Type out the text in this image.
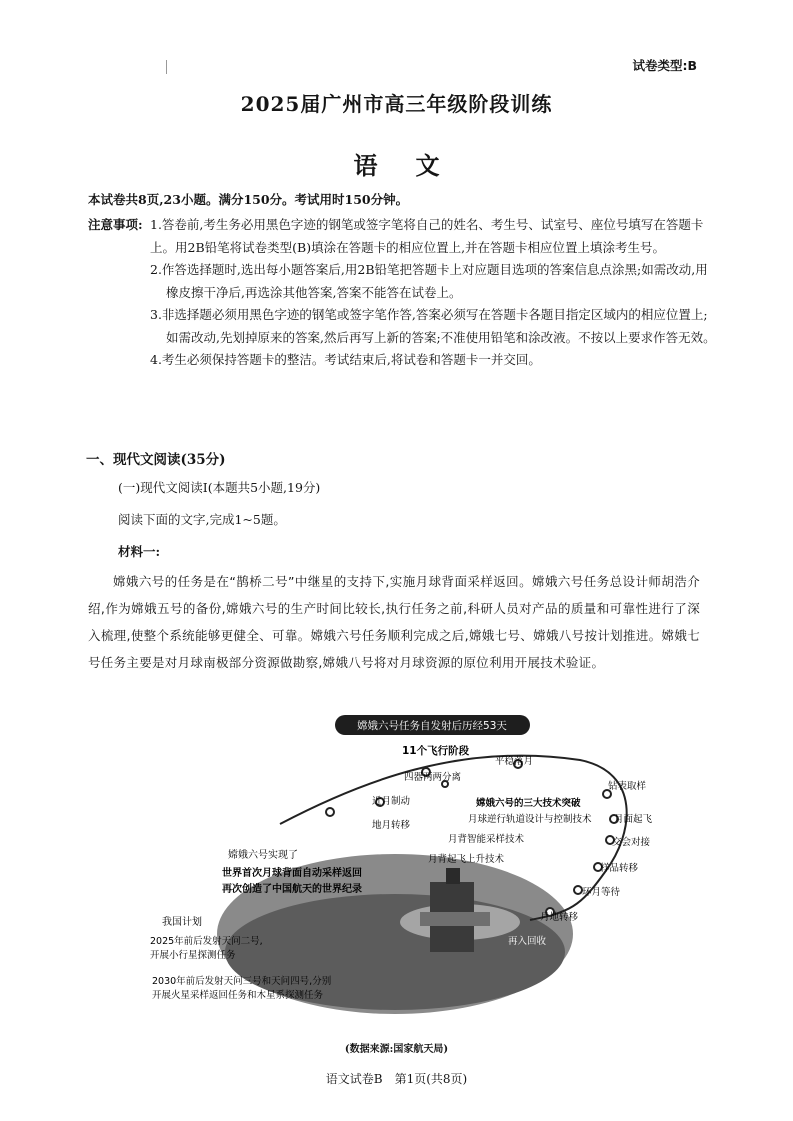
试卷类型:B
2025届广州市高三年级阶段训练
语文
本试卷共8页,23小题。满分150分。考试用时150分钟。
注意事项: 1.答卷前,考生务必用黑色字迹的钢笔或签字笔将自己的姓名、考生号、试室号、座位号填写在答题卡上。用2B铅笔将试卷类型(B)填涂在答题卡的相应位置上,并在答题卡相应位置上填涂考生号。
2.作答选择题时,选出每小题答案后,用2B铅笔把答题卡上对应题目选项的答案信息点涂黑;如需改动,用橡皮擦干净后,再选涂其他答案,答案不能答在试卷上。
3.非选择题必须用黑色字迹的钢笔或签字笔作答,答案必须写在答题卡各题目指定区域内的相应位置上;如需改动,先划掉原来的答案,然后再写上新的答案;不准使用铅笔和涂改液。不按以上要求作答无效。
4.考生必须保持答题卡的整洁。考试结束后,将试卷和答题卡一并交回。
一、现代文阅读(35分)
(一)现代文阅读Ⅰ(本题共5小题,19分)
阅读下面的文字,完成1~5题。
材料一:
嫦娥六号的任务是在“鹊桥二号”中继星的支持下,实施月球背面采样返回。嫦娥六号任务总设计师胡浩介绍,作为嫦娥五号的备份,嫦娥六号的生产时间比较长,执行任务之前,科研人员对产品的质量和可靠性进行了深入梳理,使整个系统能够更健全、可靠。嫦娥六号任务顺利完成之后,嫦娥七号、嫦娥八号按计划推进。嫦娥七号任务主要是对月球南极部分资源做勘察,嫦娥八号将对月球资源的原位利用开展技术验证。
嫦娥六号任务自发射后历经53天
11个飞行阶段
四器两两分离
近月制动
地月转移
平稳落月
钻表取样
月面起飞
交会对接
样品转移
环月等待
月地转移
再入回收
嫦娥六号的三大技术突破
月球逆行轨道设计与控制技术
月背智能采样技术
月背起飞上升技术
嫦娥六号实现了
世界首次月球背面自动采样返回
再次创造了中国航天的世界纪录
我国计划
2025年前后发射天问二号,
开展小行星探测任务
2030年前后发射天问三号和天问四号,分别
开展火星采样返回任务和木星系探测任务
(数据来源:国家航天局)
语文试卷B　第1页(共8页)
